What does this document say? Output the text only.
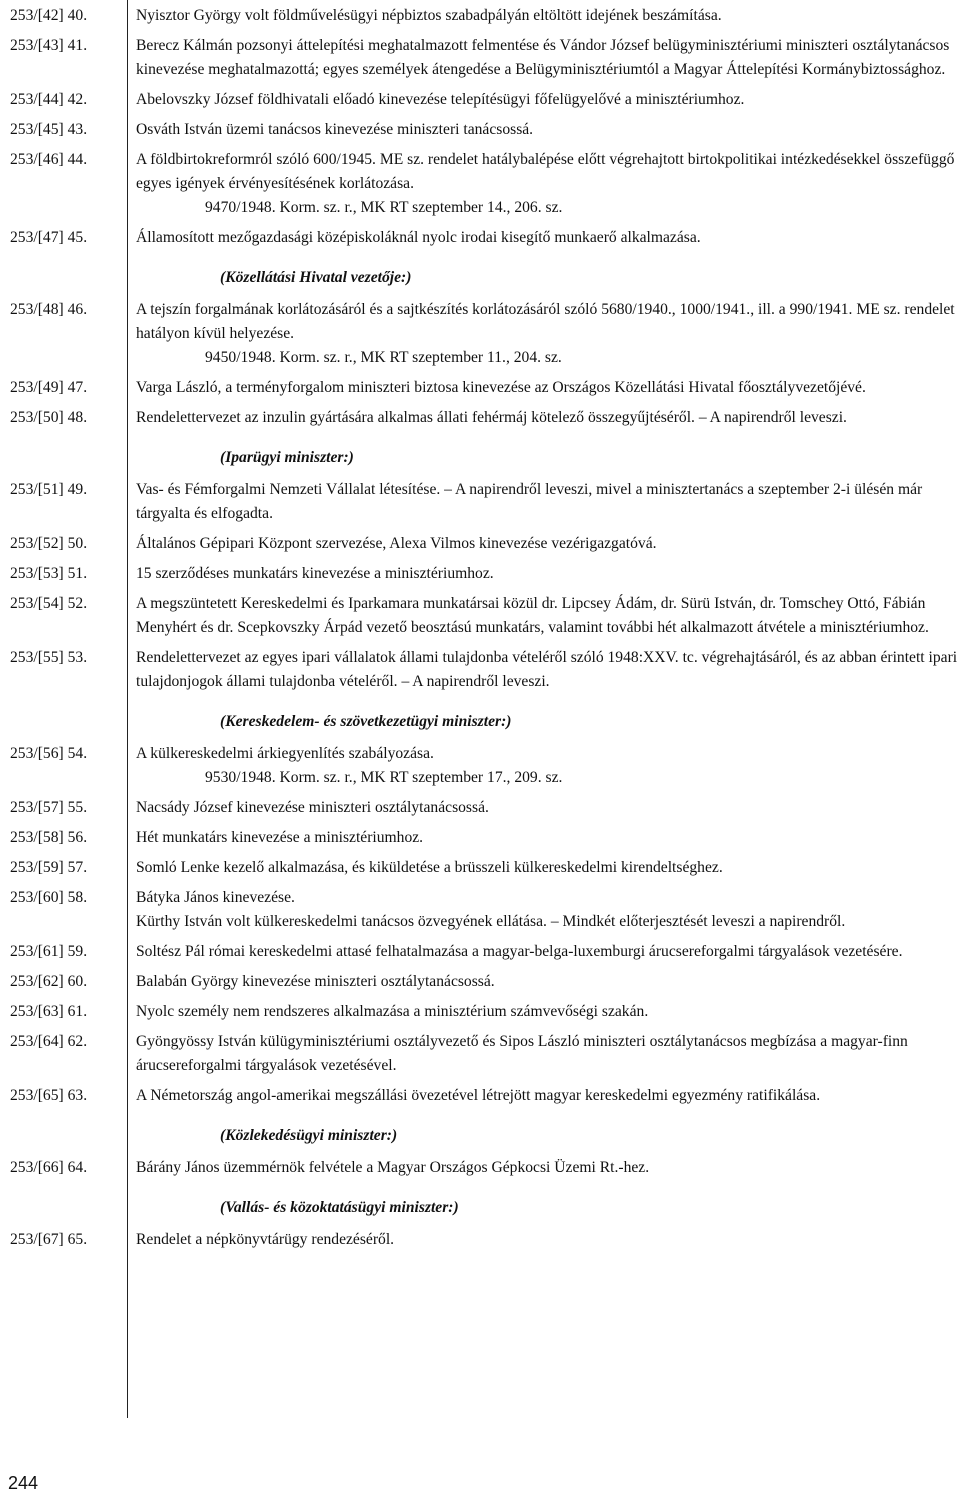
253/[42] 40.	Nyisztor György volt földművelésügyi népbiztos szabadpályán eltöltött idejének beszámítása.

253/[43] 41.	Berecz Kálmán pozsonyi áttelepítési meghatalmazott felmentése és Vándor József belügyminisztériumi miniszteri osztálytanácsos kinevezése meghatalmazottá; egyes személyek átengedése a Belügyminisztériumtól a Magyar Áttelepítési Kormánybiztossághoz.

253/[44] 42.	Abelovszky József földhivatali előadó kinevezése telepítésügyi főfelügyelővé a minisztériumhoz.

253/[45] 43.	Osváth István üzemi tanácsos kinevezése miniszteri tanácsossá.

253/[46] 44.	A földbirtokreformról szóló 600/1945. ME sz. rendelet hatálybalépése előtt végrehajtott birtokpolitikai intézkedésekkel összefüggő egyes igények érvényesítésének korlátozása.

9470/1948. Korm. sz. r., MK RT szeptember 14., 206. sz.
253/[47] 45.	Államosított mezőgazdasági középiskoláknál nyolc irodai kisegítő munkaerő alkalmazása.

(Közellátási Hivatal vezetője:)
253/[48] 46.	A tejszín forgalmának korlátozásáról és a sajtkészítés korlátozásáról szóló 5680/1940., 1000/1941., ill. a 990/1941. ME sz. rendelet hatályon kívül helyezése.

9450/1948. Korm. sz. r., MK RT szeptember 11., 204. sz.
253/[49] 47.	Varga László, a terményforgalom miniszteri biztosa kinevezése az Országos Közellátási Hivatal főosztályvezetőjévé.

253/[50] 48.	Rendelettervezet az inzulin gyártására alkalmas állati fehérmáj kötelező összegyűjtéséről. – A napirendről leveszi.

(Iparügyi miniszter:)
253/[51] 49.	Vas- és Fémforgalmi Nemzeti Vállalat létesítése. – A napirendről leveszi, mivel a minisztertanács a szeptember 2-i ülésén már tárgyalta és elfogadta.

253/[52] 50.	Általános Gépipari Központ szervezése, Alexa Vilmos kinevezése vezérigazgatóvá.

253/[53] 51.	15 szerződéses munkatárs kinevezése a minisztériumhoz.

253/[54] 52.	A megszüntetett Kereskedelmi és Iparkamara munkatársai közül dr. Lipcsey Ádám, dr. Sürü István, dr. Tomschey Ottó, Fábián Menyhért és dr. Scepkovszky Árpád vezető beosztású munkatárs, valamint további hét alkalmazott átvétele a minisztériumhoz.

253/[55] 53.	Rendelettervezet az egyes ipari vállalatok állami tulajdonba vételéről szóló 1948:XXV. tc. végrehajtásáról, és az abban érintett ipari tulajdonjogok állami tulajdonba vételéről. – A napirendről leveszi.

(Kereskedelem- és szövetkezetügyi miniszter:)
253/[56] 54.	A külkereskedelmi árkiegyenlítés szabályozása.

9530/1948. Korm. sz. r., MK RT szeptember 17., 209. sz.
253/[57] 55.	Nacsády József kinevezése miniszteri osztálytanácsossá.

253/[58] 56.	Hét munkatárs kinevezése a minisztériumhoz.

253/[59] 57.	Somló Lenke kezelő alkalmazása, és kiküldetése a brüsszeli külkereskedelmi kirendeltséghez.

253/[60] 58.	Bátyka János kinevezése.

Kürthy István volt külkereskedelmi tanácsos özvegyének ellátása. – Mindkét előterjesztését leveszi a napirendről.

253/[61] 59.	Soltész Pál római kereskedelmi attasé felhatalmazása a magyar-belga-luxemburgi árucsereforgalmi tárgyalások vezetésére.

253/[62] 60.	Balabán György kinevezése miniszteri osztálytanácsossá.

253/[63] 61.	Nyolc személy nem rendszeres alkalmazása a minisztérium számvevőségi szakán.

253/[64] 62.	Gyöngyössy István külügyminisztériumi osztályvezető és Sipos László miniszteri osztálytanácsos megbízása a magyar-finn árucsereforgalmi tárgyalások vezetésével.

253/[65] 63.	A Németország angol-amerikai megszállási övezetével létrejött magyar kereskedelmi egyezmény ratifikálása.

(Közlekedésügyi miniszter:)
253/[66] 64.	Bárány János üzemmérnök felvétele a Magyar Országos Gépkocsi Üzemi Rt.-hez.

(Vallás- és közoktatásügyi miniszter:)
253/[67] 65.	Rendelet a népkönyvtárügy rendezéséről.

244
